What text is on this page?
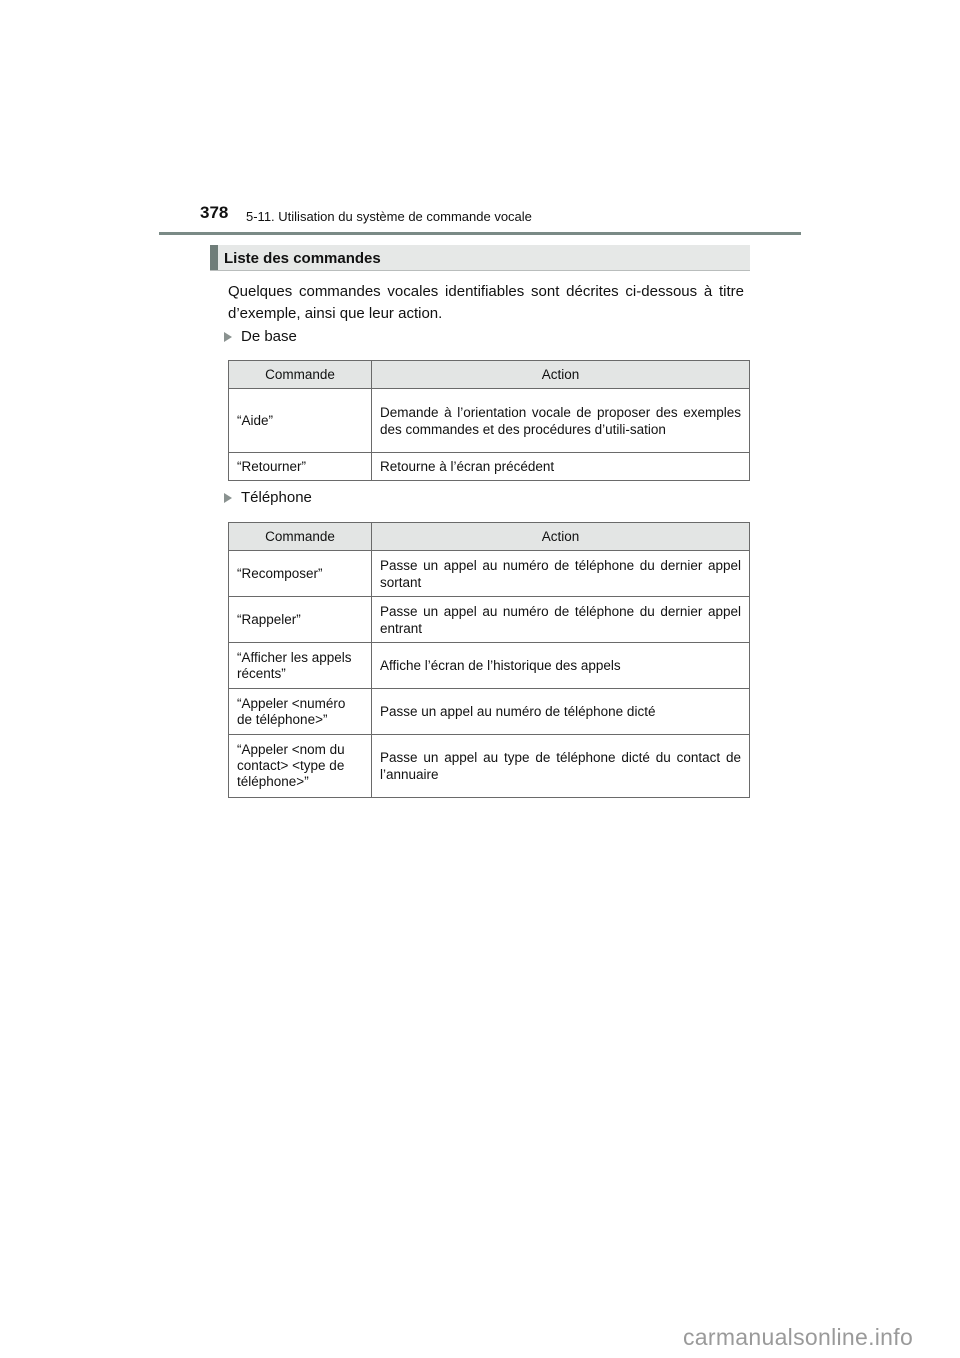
378 5-11. Utilisation du système de commande vocale
Liste des commandes
Quelques commandes vocales identifiables sont décrites ci-dessous à titre d’exemple, ainsi que leur action.
De base
Commande	Action
“Aide”	Demande à l’orientation vocale de proposer des exemples des commandes et des procédures d’utili-sation
“Retourner”	Retourne à l’écran précédent
Téléphone
Commande	Action
“Recomposer”	Passe un appel au numéro de téléphone du dernier appel sortant
“Rappeler”	Passe un appel au numéro de téléphone du dernier appel entrant
“Afficher les appels récents”	Affiche l’écran de l’historique des appels
“Appeler <numéro de téléphone>”	Passe un appel au numéro de téléphone dicté
“Appeler <nom du contact> <type de téléphone>”	Passe un appel au type de téléphone dicté du contact de l’annuaire
carmanualsonline.info
